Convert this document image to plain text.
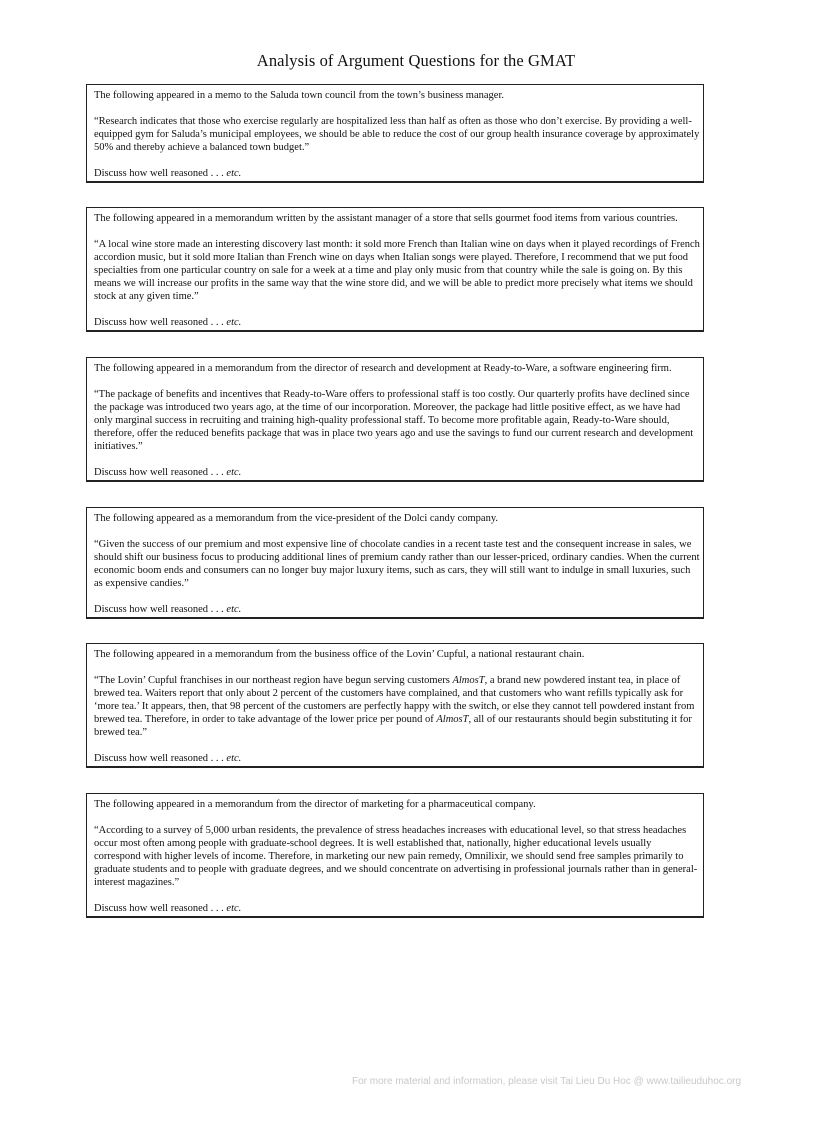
Analysis of Argument Questions for the GMAT

The following appeared in a memo to the Saluda town council from the town’s business manager.

“Research indicates that those who exercise regularly are hospitalized less than half as often as those who don’t exercise. By providing a well-equipped gym for Saluda’s municipal employees, we should be able to reduce the cost of our group health insurance coverage by approximately 50% and thereby achieve a balanced town budget.”

Discuss how well reasoned . . . etc.

The following appeared in a memorandum written by the assistant manager of a store that sells gourmet food items from various countries.

“A local wine store made an interesting discovery last month: it sold more French than Italian wine on days when it played recordings of French accordion music, but it sold more Italian than French wine on days when Italian songs were played. Therefore, I recommend that we put food specialties from one particular country on sale for a week at a time and play only music from that country while the sale is going on. By this means we will increase our profits in the same way that the wine store did, and we will be able to predict more precisely what items we should stock at any given time.”

Discuss how well reasoned . . . etc.

The following appeared in a memorandum from the director of research and development at Ready-to-Ware, a software engineering firm.

“The package of benefits and incentives that Ready-to-Ware offers to professional staff is too costly. Our quarterly profits have declined since the package was introduced two years ago, at the time of our incorporation. Moreover, the package had little positive effect, as we have had only marginal success in recruiting and training high-quality professional staff. To become more profitable again, Ready-to-Ware should, therefore, offer the reduced benefits package that was in place two years ago and use the savings to fund our current research and development initiatives.”

Discuss how well reasoned . . . etc.

The following appeared as a memorandum from the vice-president of the Dolci candy company.

“Given the success of our premium and most expensive line of chocolate candies in a recent taste test and the consequent increase in sales, we should shift our business focus to producing additional lines of premium candy rather than our lesser-priced, ordinary candies. When the current economic boom ends and consumers can no longer buy major luxury items, such as cars, they will still want to indulge in small luxuries, such as expensive candies.”

Discuss how well reasoned . . . etc.

The following appeared in a memorandum from the business office of the Lovin’ Cupful, a national restaurant chain.

“The Lovin’ Cupful franchises in our northeast region have begun serving customers AlmosT, a brand new powdered instant tea, in place of brewed tea. Waiters report that only about 2 percent of the customers have complained, and that customers who want refills typically ask for ‘more tea.’ It appears, then, that 98 percent of the customers are perfectly happy with the switch, or else they cannot tell powdered instant from brewed tea. Therefore, in order to take advantage of the lower price per pound of AlmosT, all of our restaurants should begin substituting it for brewed tea.”

Discuss how well reasoned . . . etc.

The following appeared in a memorandum from the director of marketing for a pharmaceutical company.

“According to a survey of 5,000 urban residents, the prevalence of stress headaches increases with educational level, so that stress headaches occur most often among people with graduate-school degrees. It is well established that, nationally, higher educational levels usually correspond with higher levels of income. Therefore, in marketing our new pain remedy, Omnilixir, we should send free samples primarily to graduate students and to people with graduate degrees, and we should concentrate on advertising in professional journals rather than in general-interest magazines.”

Discuss how well reasoned . . . etc.

For more material and information, please visit Tai Lieu Du Hoc @ www.tailieuduhoc.org
